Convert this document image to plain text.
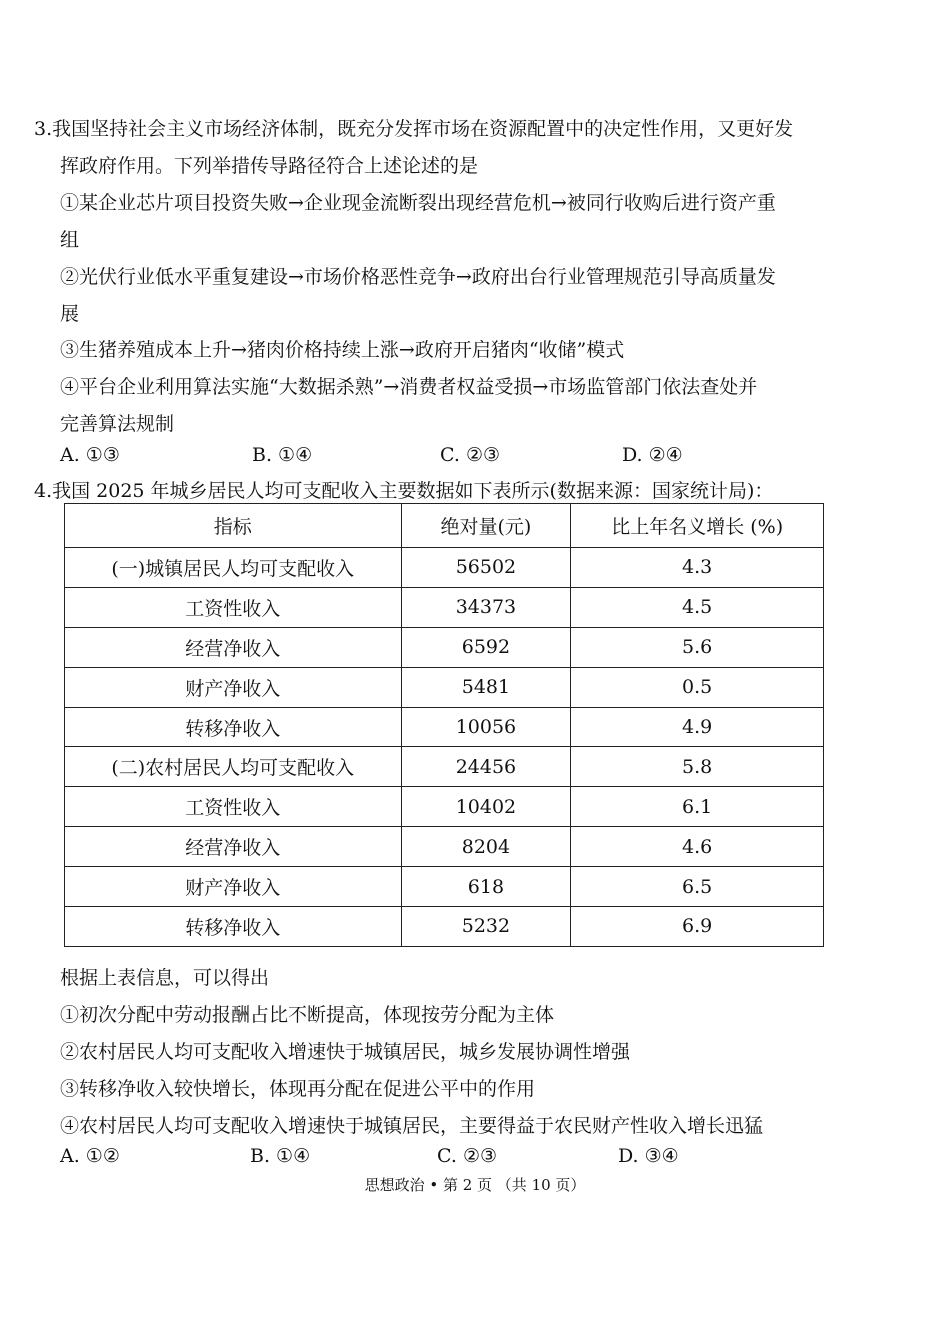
3.我国坚持社会主义市场经济体制，既充分发挥市场在资源配置中的决定性作用，又更好发
挥政府作用。下列举措传导路径符合上述论述的是
①某企业芯片项目投资失败→企业现金流断裂出现经营危机→被同行收购后进行资产重
组
②光伏行业低水平重复建设→市场价格恶性竞争→政府出台行业管理规范引导高质量发
展
③生猪养殖成本上升→猪肉价格持续上涨→政府开启猪肉“收储”模式
④平台企业利用算法实施“大数据杀熟”→消费者权益受损→市场监管部门依法查处并
完善算法规制
A. ①③	B. ①④	C. ②③	D. ②④
4.我国 2025 年城乡居民人均可支配收入主要数据如下表所示(数据来源：国家统计局)：
指标	绝对量(元)	比上年名义增长 (%)
(一)城镇居民人均可支配收入	56502	4.3
工资性收入	34373	4.5
经营净收入	6592	5.6
财产净收入	5481	0.5
转移净收入	10056	4.9
(二)农村居民人均可支配收入	24456	5.8
工资性收入	10402	6.1
经营净收入	8204	4.6
财产净收入	618	6.5
转移净收入	5232	6.9
根据上表信息，可以得出
①初次分配中劳动报酬占比不断提高，体现按劳分配为主体
②农村居民人均可支配收入增速快于城镇居民，城乡发展协调性增强
③转移净收入较快增长，体现再分配在促进公平中的作用
④农村居民人均可支配收入增速快于城镇居民，主要得益于农民财产性收入增长迅猛
A. ①②	B. ①④	C. ②③	D. ③④
思想政治 • 第 2 页 （共 10 页）
